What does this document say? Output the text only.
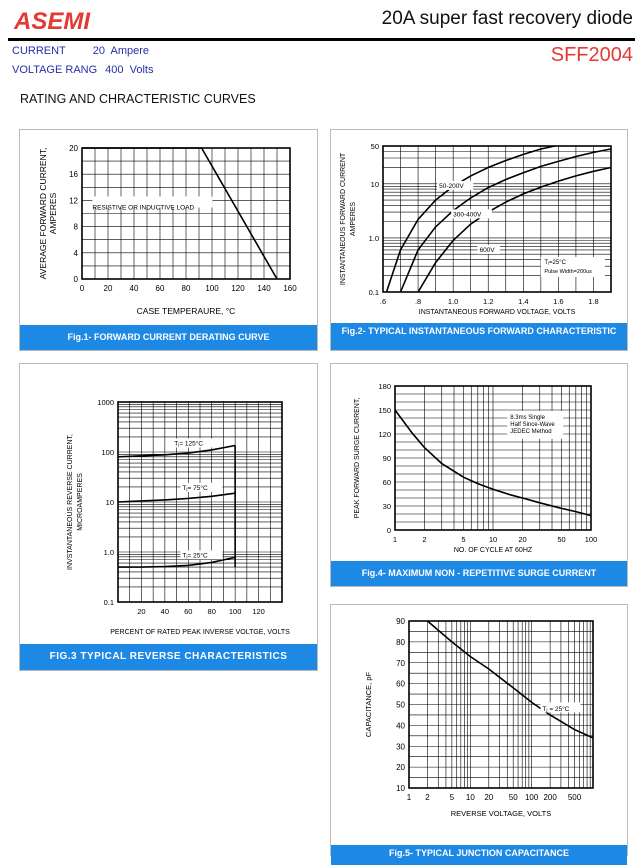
ASEMI	20A super fast recovery diode
SFF2004
CURRENT 20  Ampere
VOLTAGE RANG 400  Volts
RATING AND CHRACTERISTIC CURVES
0 20 40 60 80 100 120 140 160
0
4
8
12
16
20
CASE TEMPERAURE, °C
AVERAGE FORWARD CURRENT, AMPERES	RESISTIVE OR INDUCTIVE LOAD
Fig.1- FORWARD CURRENT DERATING CURVE
.6	.8	1.0	1.2	1.4	1.6	1.8
0.1
1.0
10
50
INSTANTANEOUS FORWARD VOLTAGE, VOLTS
INSTANTANEOUS FORWARD CURRENT AMPERES
50-200V
300-400V
600V
Tⱼ=25°C
Pulse Width=200us
Fig.2- TYPICAL INSTANTANEOUS FORWARD CHARACTERISTIC
20 40 60 80 100 120
0.1
1.0
10
100
1000
PERCENT OF RATED PEAK INVERSE VOLTGE, VOLTS
INVSTANTANEOUS REVERSE CURRENT, MICROAMPERES
Tⱼ= 125°C
Tⱼ= 75°C
Tⱼ= 25°C
FIG.3 TYPICAL REVERSE CHARACTERISTICS
1	2	5	10	20	50	100
0
30
60
90
120
150
180
NO. OF CYCLE AT 60HZ
PEAK FORWARD SURGE CURRENT,	8.3ms Single
Half Since-Wave
JEDEC Method
Fig.4- MAXIMUM NON - REPETITIVE SURGE CURRENT
1 2 5 10 20 50 100 200 500
10
20
30
40
50
60
70
80
90
REVERSE VOLTAGE, VOLTS
CAPACITANCE, pF	Tⱼ = 25°C
Fig.5- TYPICAL JUNCTION CAPACITANCE
